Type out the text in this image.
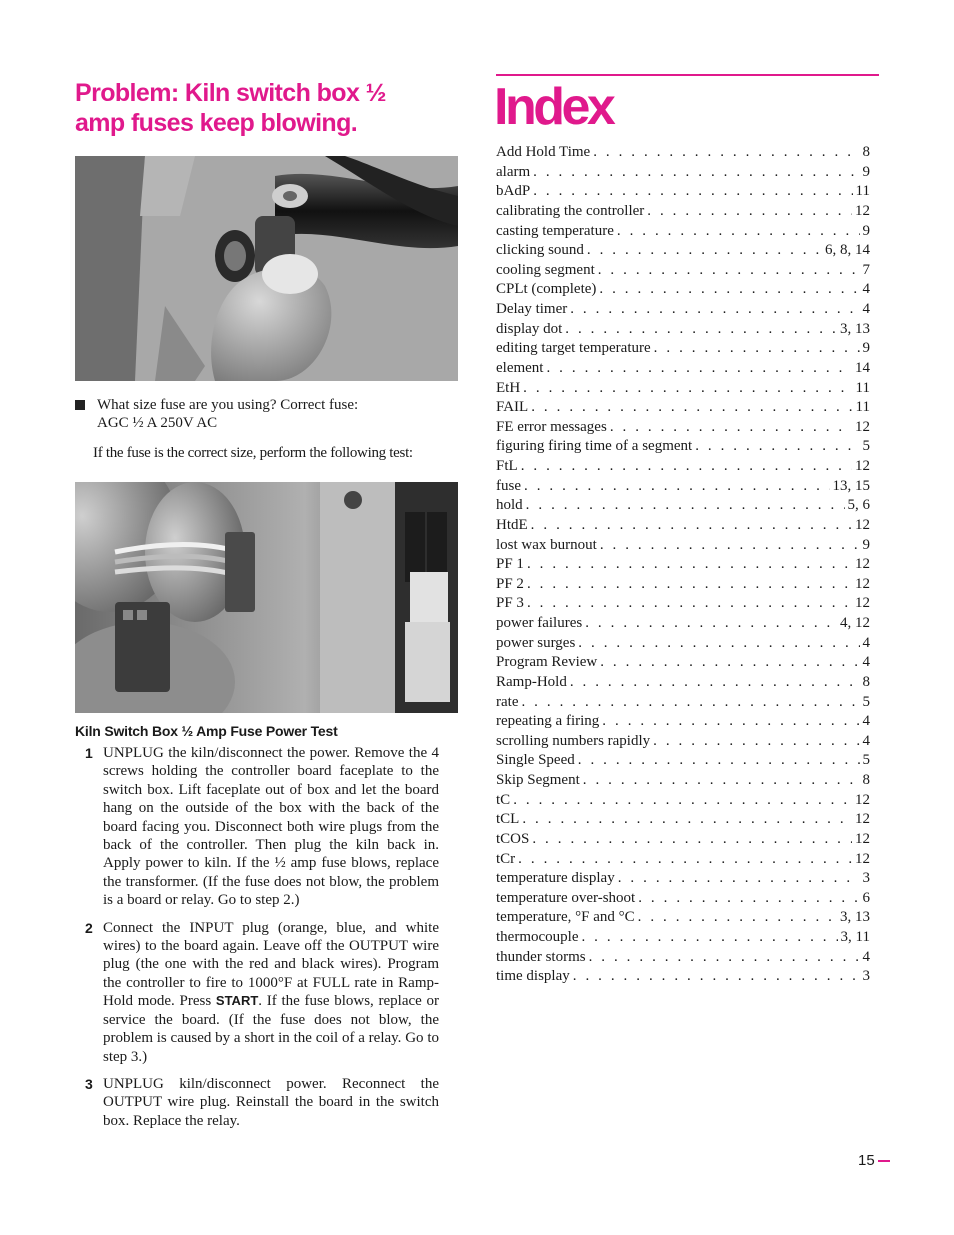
Problem: Kiln switch box ½
amp fuses keep blowing.
What size fuse are you using? Correct fuse:
AGC ½ A 250V AC
If the fuse is the correct size, perform the following test:
Kiln Switch Box ½ Amp Fuse Power Test
1 UNPLUG the kiln/disconnect the power. Remove the 4 screws holding the controller board faceplate to the switch box. Lift faceplate out of box and let the board hang on the outside of the box with the back of the board facing you. Disconnect both wire plugs from the back of the controller. Then plug the kiln back in. Apply power to kiln. If the ½ amp fuse blows, replace the transformer. (If the fuse does not blow, the problem is a board or relay. Go to step 2.)
2 Connect the INPUT plug (orange, blue, and white wires) to the board again. Leave off the OUTPUT wire plug (the one with the red and black wires). Program the controller to fire to 1000°F at FULL rate in Ramp-Hold mode. Press START. If the fuse blows, replace or service the board. (If the fuse does not blow, the problem is caused by a short in the coil of a relay. Go to step 3.)
3 UNPLUG kiln/disconnect power. Reconnect the OUTPUT wire plug. Reinstall the board in the switch box. Replace the relay.
Index
Add Hold Time . . .	8
alarm . . .	9
bAdP . . .	11
calibrating the controller . . .	12
casting temperature . . .	9
clicking sound . . .	6, 8, 14
cooling segment . . .	7
CPLt (complete) . . .	4
Delay timer . . .	4
display dot . . .	3, 13
editing target temperature . . .	9
element . . .	14
EtH . . .	11
FAIL . . .	11
FE error messages . . .	12
figuring firing time of a segment . . .	5
FtL . . .	12
fuse . . .	13, 15
hold . . .	5, 6
HtdE . . .	12
lost wax burnout . . .	9
PF 1 . . .	12
PF 2 . . .	12
PF 3 . . .	12
power failures . . .	4, 12
power surges . . .	4
Program Review . . .	4
Ramp-Hold . . .	8
rate . . .	5
repeating a firing . . .	4
scrolling numbers rapidly . . .	4
Single Speed . . .	5
Skip Segment . . .	8
tC . . .	12
tCL . . .	12
tCOS . . .	12
tCr . . .	12
temperature display . . .	3
temperature over-shoot . . .	6
temperature, °F and °C . . .	3, 13
thermocouple . . .	3, 11
thunder storms . . .	4
time display . . .	3
15
